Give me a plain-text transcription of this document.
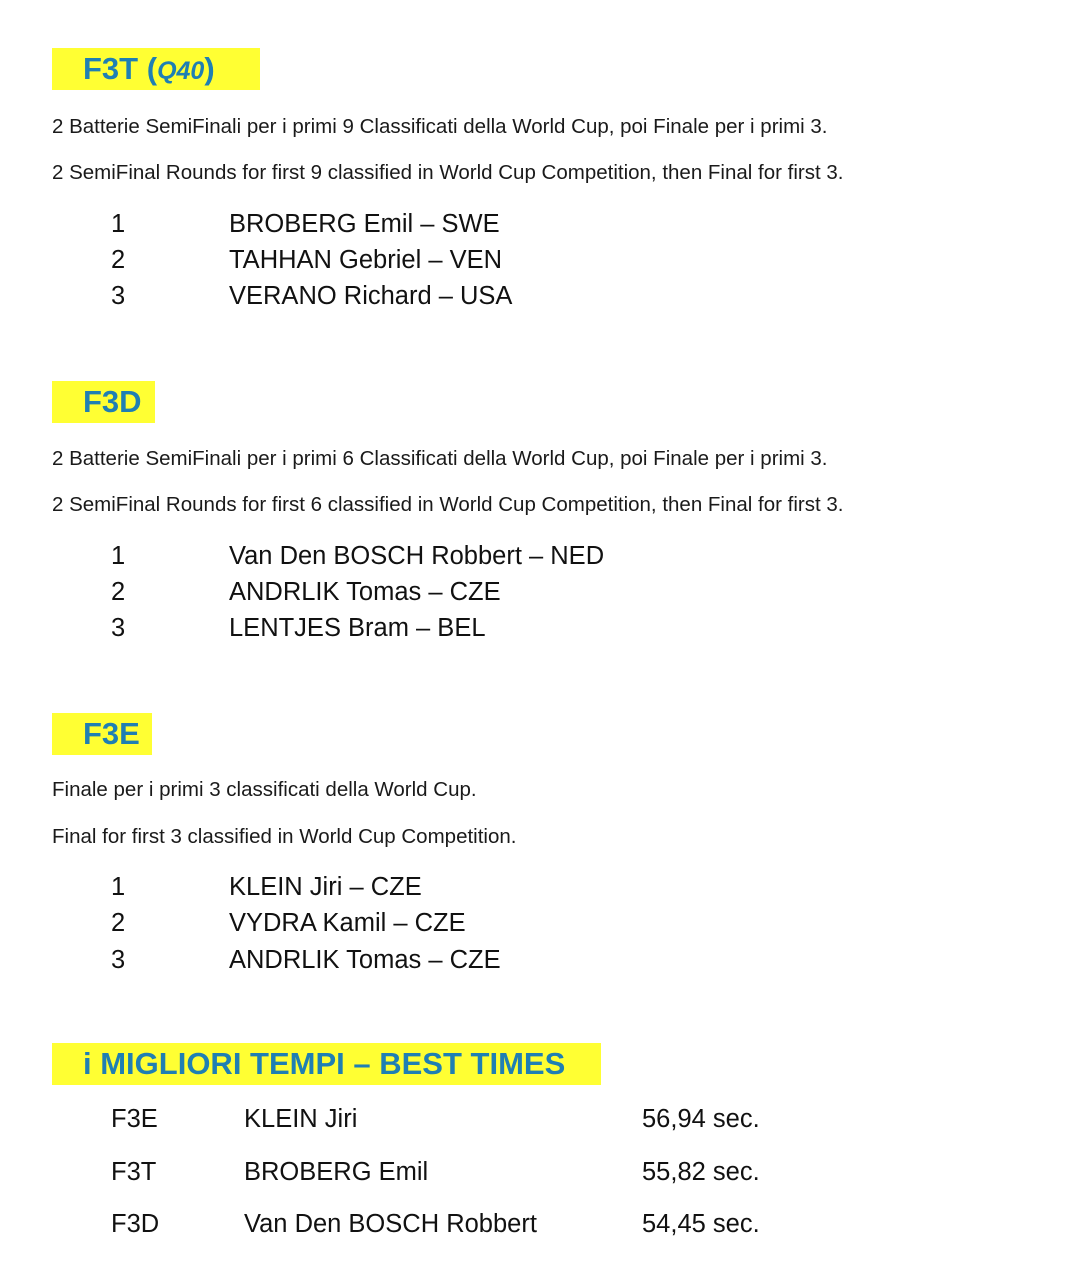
F3T (Q40)
2 Batterie SemiFinali per i primi 9 Classificati della World Cup, poi Finale per i primi 3.
2 SemiFinal Rounds for first 9 classified in World Cup Competition, then Final for first 3.
1	BROBERG Emil – SWE
2	TAHHAN Gebriel – VEN
3	VERANO Richard – USA
F3D
2 Batterie SemiFinali per i primi 6 Classificati della World Cup, poi Finale per i primi 3.
2 SemiFinal Rounds for first 6 classified in World Cup Competition, then Final for first 3.
1	Van Den BOSCH Robbert – NED
2	ANDRLIK Tomas – CZE
3	LENTJES Bram – BEL
F3E
Finale per i primi 3 classificati della World Cup.
Final for first 3 classified in World Cup Competition.
1	KLEIN Jiri – CZE
2	VYDRA Kamil – CZE
3	ANDRLIK Tomas – CZE
i MIGLIORI TEMPI – BEST TIMES
F3E	KLEIN Jiri	56,94 sec.
F3T	BROBERG Emil	55,82 sec.
F3D	Van Den BOSCH Robbert	54,45 sec.
